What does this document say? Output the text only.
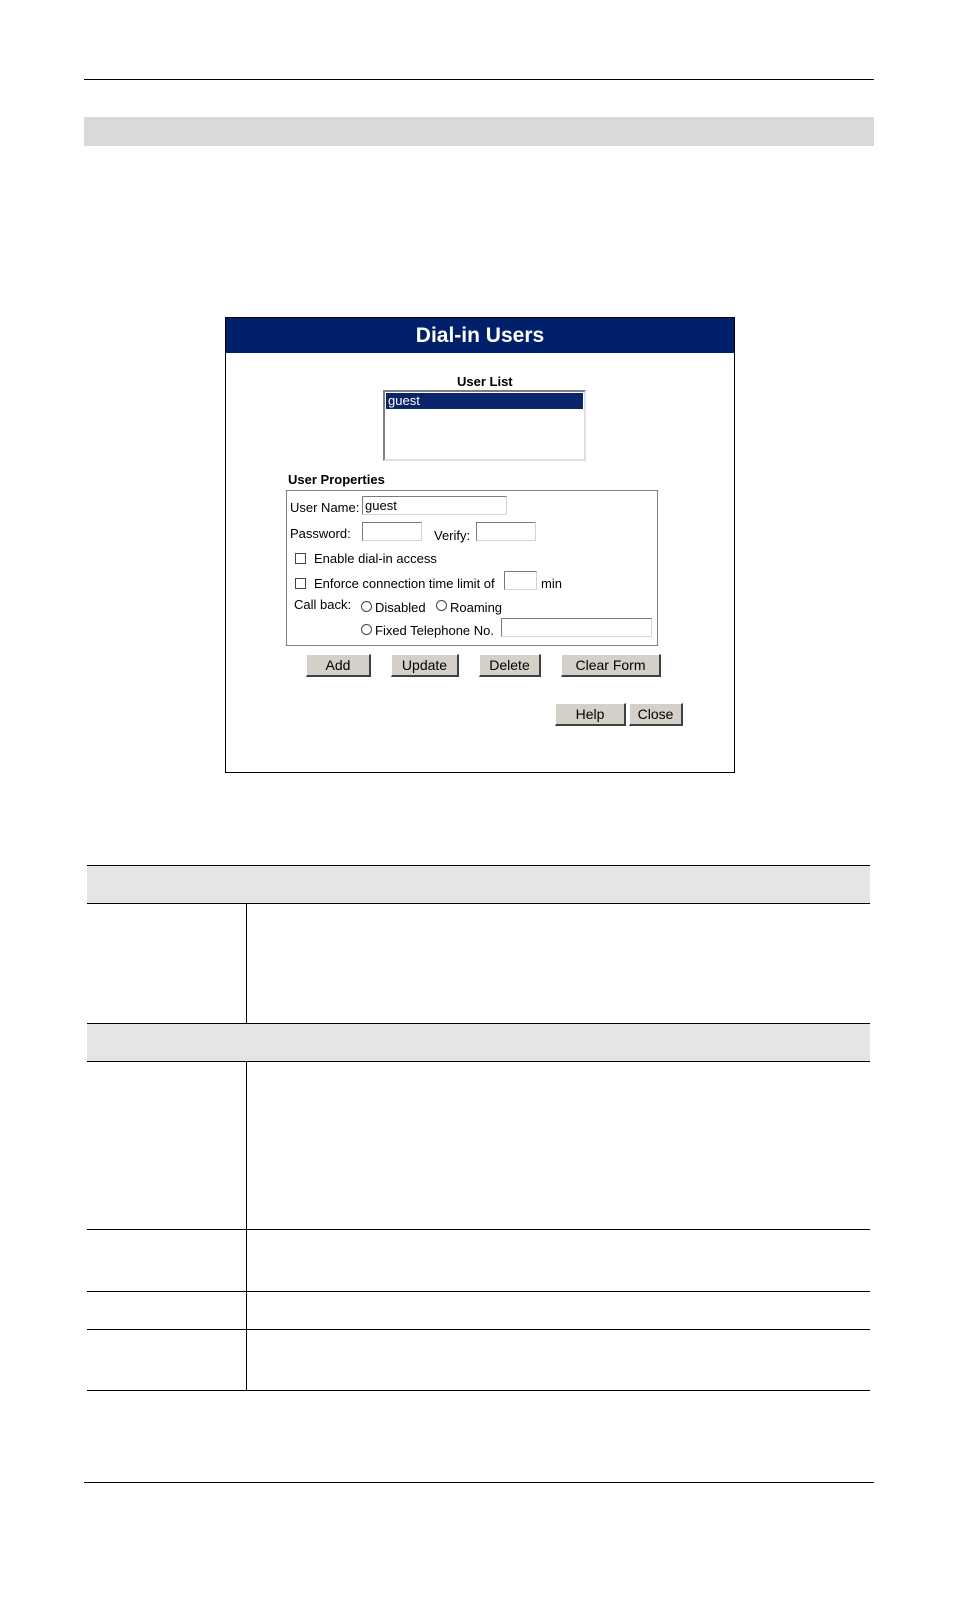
Dial-in Users
User List
guest
User Properties
User Name: guest
Password:	Verify:
Enable dial-in access
Enforce connection time limit of	min
Call back: Disabled Roaming
Fixed Telephone No.
Add	Update	Delete	Clear Form
Help	Close
